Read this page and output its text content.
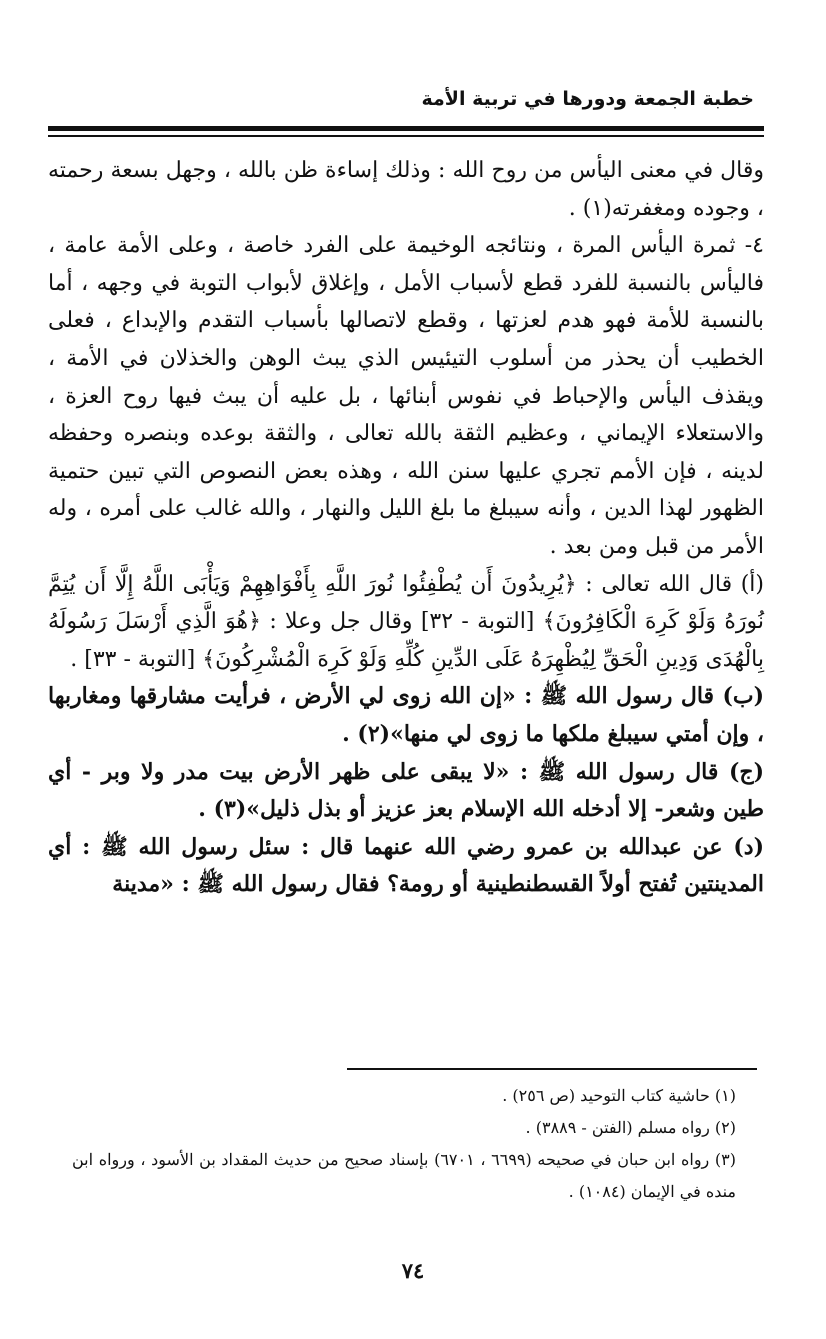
خطبة الجمعة ودورها في تربية الأمة

وقال في معنى اليأس من روح الله : وذلك إساءة ظن بالله ، وجهل بسعة رحمته ، وجوده ومغفرته(١) .

٤- ثمرة اليأس المرة ، ونتائجه الوخيمة على الفرد خاصة ، وعلى الأمة عامة ، فاليأس بالنسبة للفرد قطع لأسباب الأمل ، وإغلاق لأبواب التوبة في وجهه ، أما بالنسبة للأمة فهو هدم لعزتها ، وقطع لاتصالها بأسباب التقدم والإبداع ، فعلى الخطيب أن يحذر من أسلوب التيئيس الذي يبث الوهن والخذلان في الأمة ، ويقذف اليأس والإحباط في نفوس أبنائها ، بل عليه أن يبث فيها روح العزة ، والاستعلاء الإيماني ، وعظيم الثقة بالله تعالى ، والثقة بوعده وبنصره وحفظه لدينه ، فإن الأمم تجري عليها سنن الله ، وهذه بعض النصوص التي تبين حتمية الظهور لهذا الدين ، وأنه سيبلغ ما بلغ الليل والنهار ، والله غالب على أمره ، وله الأمر من قبل ومن بعد .

(أ) قال الله تعالى : ﴿يُرِيدُونَ أَن يُطْفِئُوا نُورَ اللَّهِ بِأَفْوَاهِهِمْ وَيَأْبَى اللَّهُ إِلَّا أَن يُتِمَّ نُورَهُ وَلَوْ كَرِهَ الْكَافِرُونَ﴾ [التوبة - ٣٢] وقال جل وعلا : ﴿هُوَ الَّذِي أَرْسَلَ رَسُولَهُ بِالْهُدَى وَدِينِ الْحَقِّ لِيُظْهِرَهُ عَلَى الدِّينِ كُلِّهِ وَلَوْ كَرِهَ الْمُشْرِكُونَ﴾ [التوبة - ٣٣] .

(ب) قال رسول الله ﷺ : «إن الله زوى لي الأرض ، فرأيت مشارقها ومغاربها ، وإن أمتي سيبلغ ملكها ما زوى لي منها»(٢) .

(ج) قال رسول الله ﷺ : «لا يبقى على ظهر الأرض بيت مدر ولا وبر - أي طين وشعر- إلا أدخله الله الإسلام بعز عزيز أو بذل ذليل»(٣) .

(د) عن عبدالله بن عمرو رضي الله عنهما قال : سئل رسول الله ﷺ : أي المدينتين تُفتح أولاً القسطنطينية أو رومة؟ فقال رسول الله ﷺ : «مدينة

(١) حاشية كتاب التوحيد (ص ٢٥٦) .

(٢) رواه مسلم (الفتن - ٣٨٨٩) .

(٣) رواه ابن حبان في صحيحه (٦٦٩٩ ، ٦٧٠١) بإسناد صحيح من حديث المقداد بن الأسود ، ورواه ابن منده في الإيمان (١٠٨٤) .

٧٤
